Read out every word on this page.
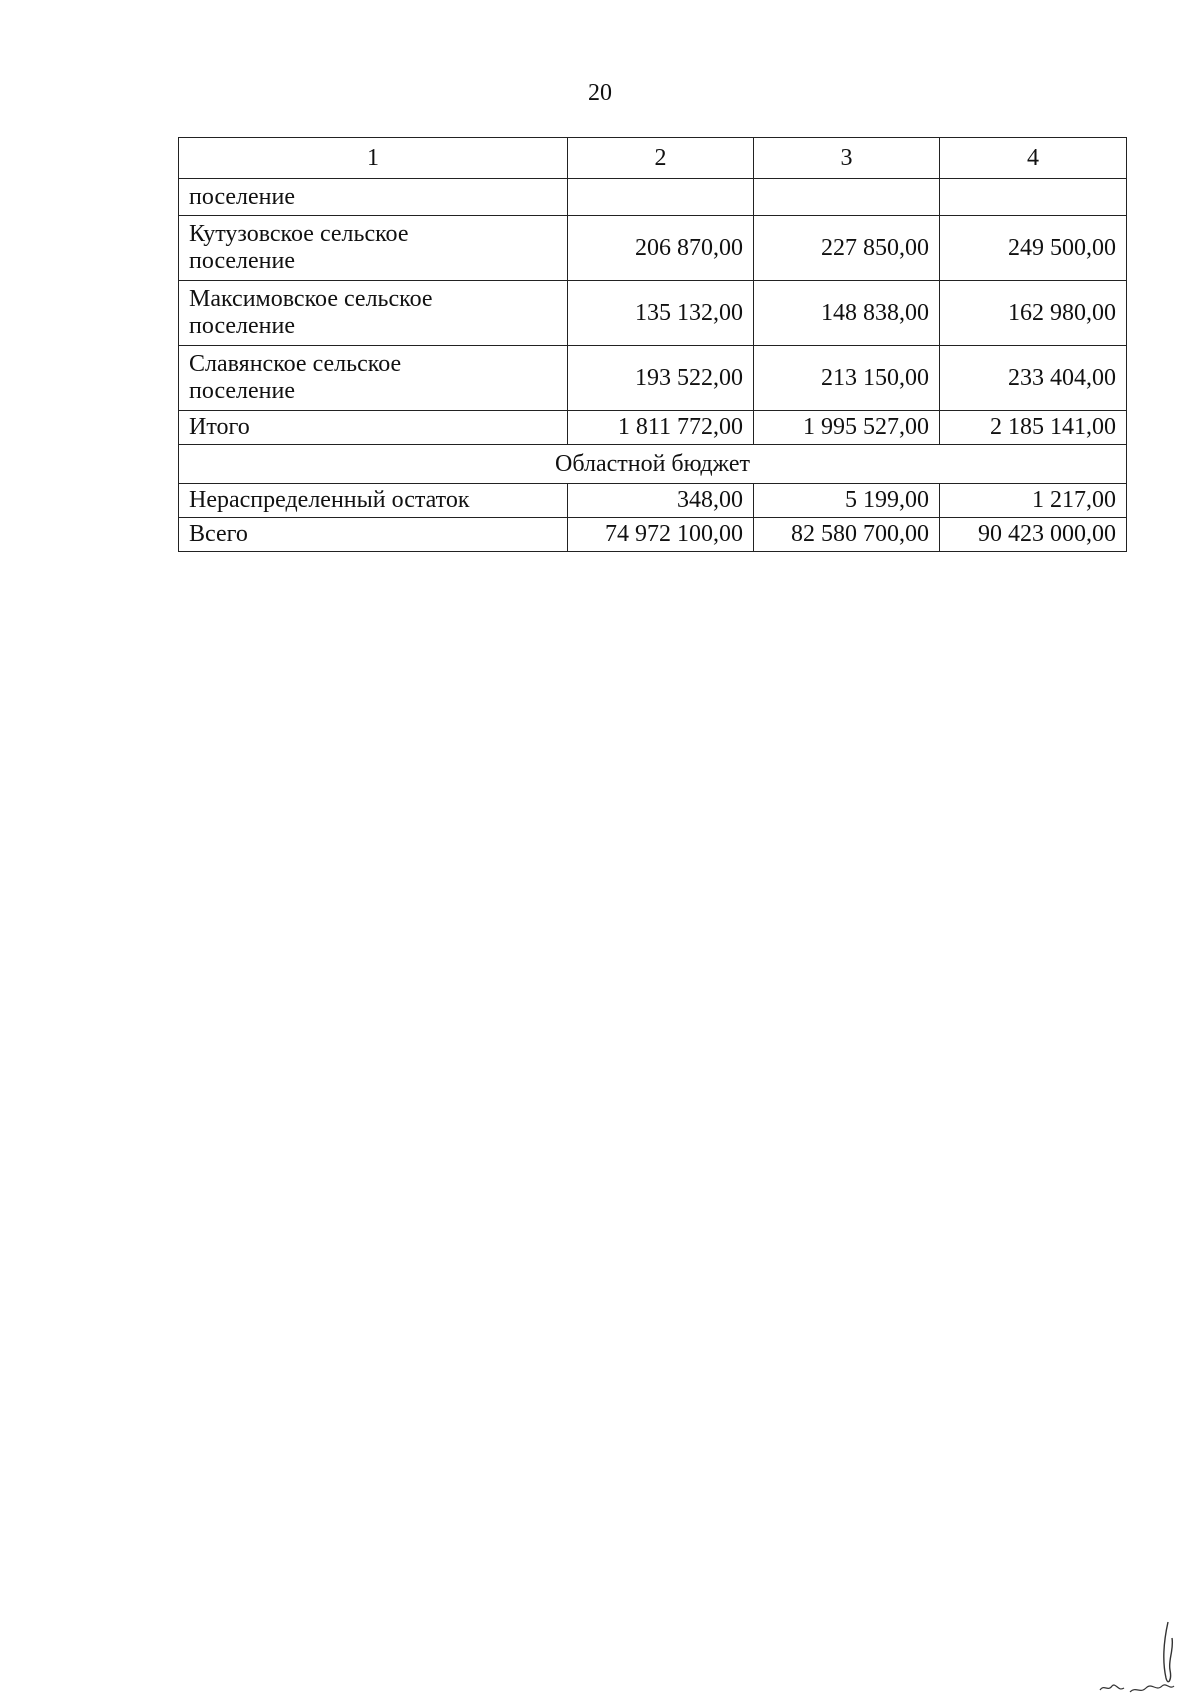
20
1	2	3	4
поселение			
Кутузовское сельское
поселение	206 870,00	227 850,00	249 500,00
Максимовское сельское
поселение	135 132,00	148 838,00	162 980,00
Славянское сельское
поселение	193 522,00	213 150,00	233 404,00
Итого	1 811 772,00	1 995 527,00	2 185 141,00
Областной бюджет			
Нераспределенный остаток	348,00	5 199,00	1 217,00
Всего	74 972 100,00	82 580 700,00	90 423 000,00
